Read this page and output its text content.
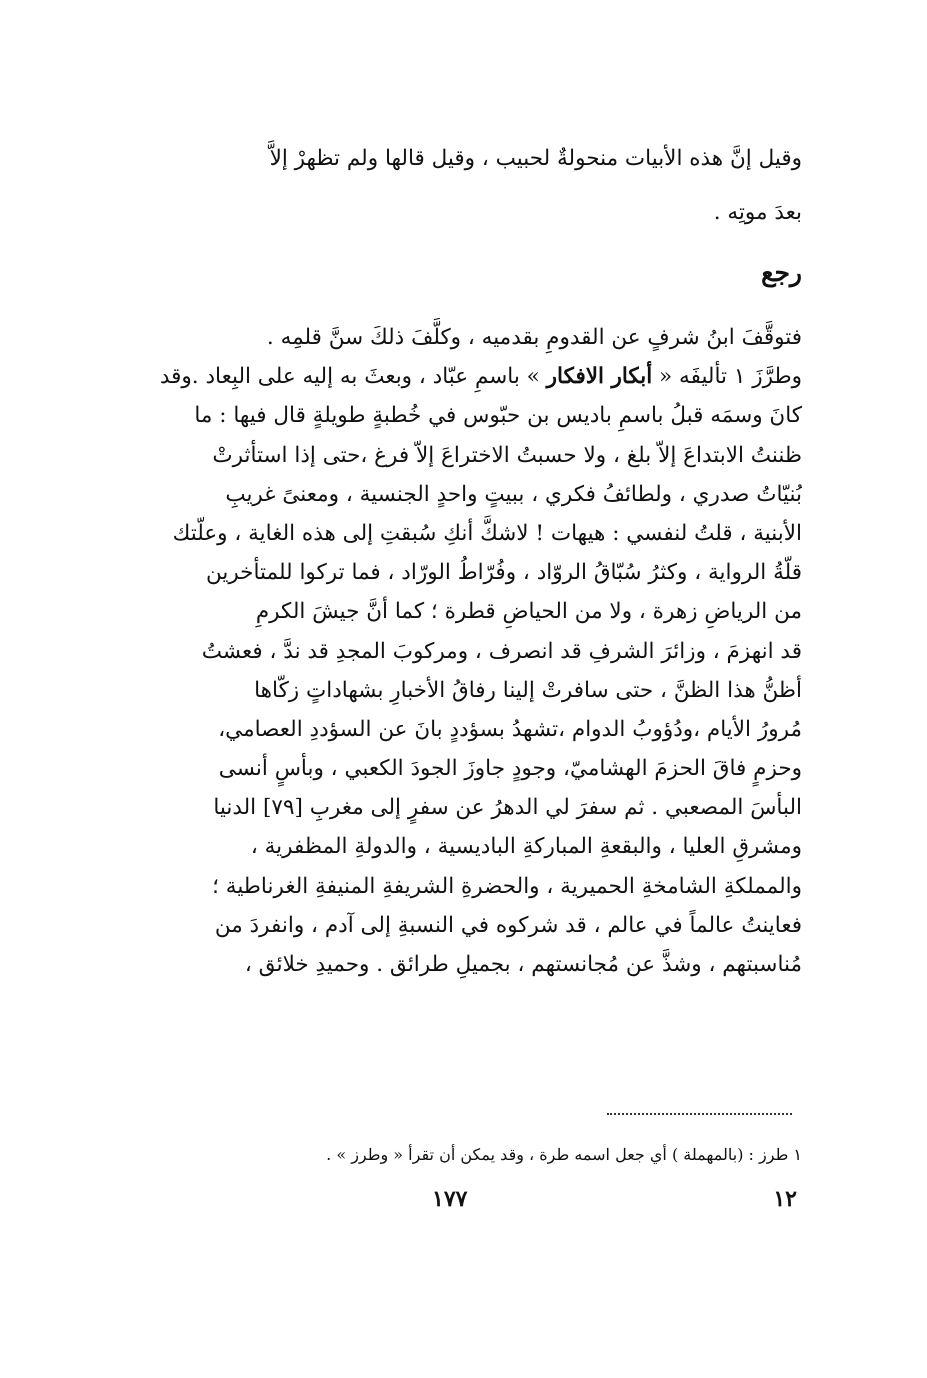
وقيل إنَّ هذه الأبيات منحولةٌ لحبيب ، وقيل قالها ولم تظهرْ إلاَّ
بعدَ موتِه .
رجع
فتوقَّفَ ابنُ شرفٍ عن القدومِ بقدميه ، وكلَّفَ ذلكَ سنَّ قلمِه .
وطرَّزَ ١ تأليفَه « أبكار الافكار » باسمِ عبّاد ، وبعثَ به إليه على البِعاد .وقد
كانَ وسمَه قبلُ باسمِ باديس بن حبّوس في خُطبةٍ طويلةٍ قال فيها : ما
ظننتُ الابتداعَ إلاّ بلغ ، ولا حسبتُ الاختراعَ إلاّ فرغ ،حتى إذا استأثرتْ
بُنيّاتُ صدري ، ولطائفُ فكري ، ببيتٍ واحدٍ الجنسية ، ومعنىً غريبِ
الأبنية ، قلتُ لنفسي : هيهات ! لاشكَّ أنكِ سُبقتِ إلى هذه الغاية ، وعلّتك
قلّةُ الرواية ، وكثرُ سُبّاقُ الروّاد ، وفُرّاطُ الورّاد ، فما تركوا للمتأخرين
من الرياضِ زهرة ، ولا من الحياضِ قطرة ؛ كما أنَّ جيشَ الكرمِ
قد انهزمَ ، وزائرَ الشرفِ قد انصرف ، ومركوبَ المجدِ قد ندَّ ، فعشتُ
أظنُّ هذا الظنَّ ، حتى سافرتْ إلينا رفاقُ الأخبارِ بشهاداتٍ زكّاها
مُرورُ الأيام ،ودُؤوبُ الدوام ،تشهدُ بسؤددٍ بانَ عن السؤددِ العصامي،
وحزمٍ فاقَ الحزمَ الهشاميّ، وجودٍ جاوزَ الجودَ الكعبي ، وبأسٍ أنسى
البأسَ المصعبي . ثم سفرَ لي الدهرُ عن سفرٍ إلى مغربِ [٧٩] الدنيا
ومشرقِ العليا ، والبقعةِ المباركةِ الباديسية ، والدولةِ المظفرية ،
والمملكةِ الشامخةِ الحميرية ، والحضرةِ الشريفةِ المنيفةِ الغرناطية ؛
فعاينتُ عالماً في عالم ، قد شركوه في النسبةِ إلى آدم ، وانفردَ من
مُناسبتهم ، وشذَّ عن مُجانستهم ، بجميلِ طرائق . وحميدِ خلائق ،
١ طرز : (بالمهملة ) أي جعل اسمه طرة ، وقد يمكن أن تقرأ « وطرز » .
١٧٧	١٢
